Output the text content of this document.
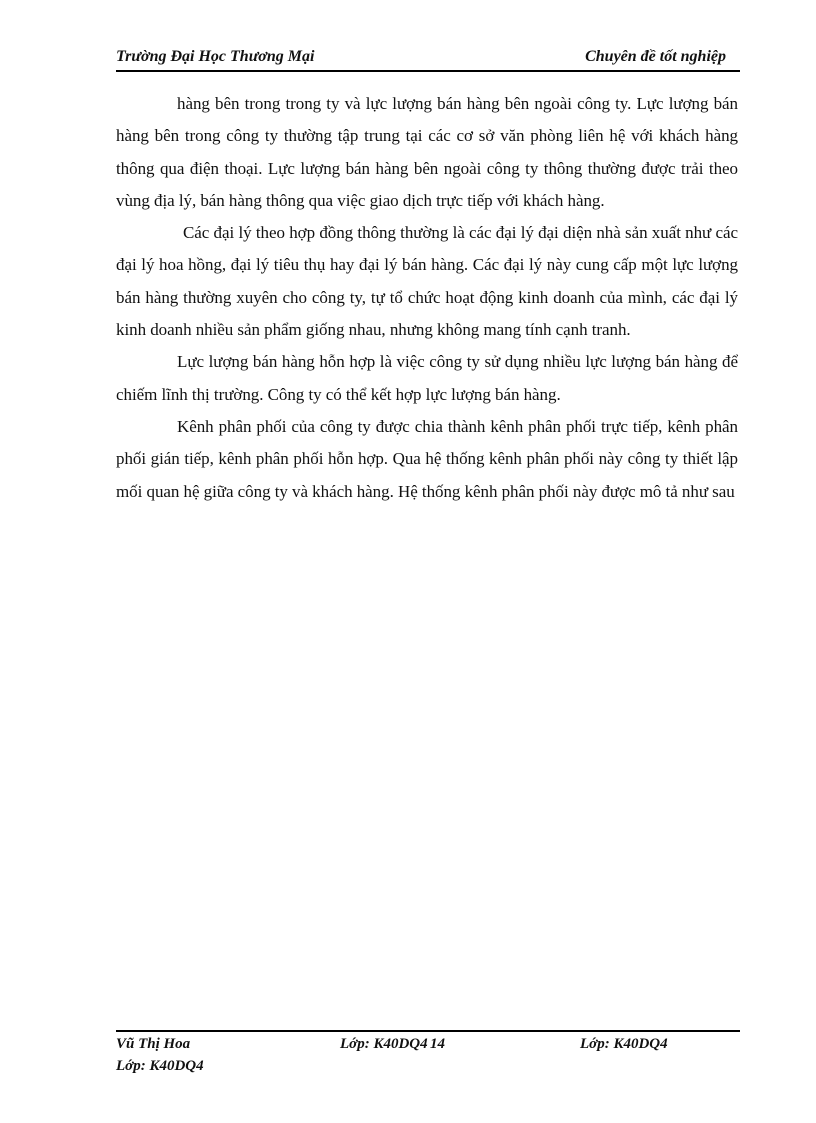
Trường Đại Học Thương Mại	Chuyên đề tốt nghiệp

hàng bên trong trong ty và lực lượng bán hàng bên ngoài công ty. Lực lượng bán hàng bên trong công ty thường tập trung tại các cơ sở văn phòng liên hệ với khách hàng thông qua điện thoại. Lực lượng bán hàng bên ngoài công ty thông thường được trải theo vùng địa lý, bán hàng thông qua việc giao dịch trực tiếp với khách hàng.

Các đại lý theo hợp đồng thông thường là các đại lý đại diện nhà sản xuất như các đại lý hoa hồng, đại lý tiêu thụ hay đại lý bán hàng. Các đại lý này cung cấp một lực lượng bán hàng thường xuyên cho công ty, tự tổ chức hoạt động kinh doanh của mình, các đại lý kinh doanh nhiều sản phẩm giống nhau, nhưng không mang tính cạnh tranh.

Lực lượng bán hàng hỗn hợp là việc công ty sử dụng nhiều lực lượng bán hàng để chiếm lĩnh thị trường. Công ty có thể kết hợp lực lượng bán hàng.

Kênh phân phối của công ty được chia thành kênh phân phối trực tiếp, kênh phân phối gián tiếp, kênh phân phối hỗn hợp. Qua hệ thống kênh phân phối này công ty thiết lập mối quan hệ giữa công ty và khách hàng. Hệ thống kênh phân phối này được mô tả như sau

Vũ Thị Hoa	Lớp: K40DQ4 14	Lớp: K40DQ4
Lớp: K40DQ4
